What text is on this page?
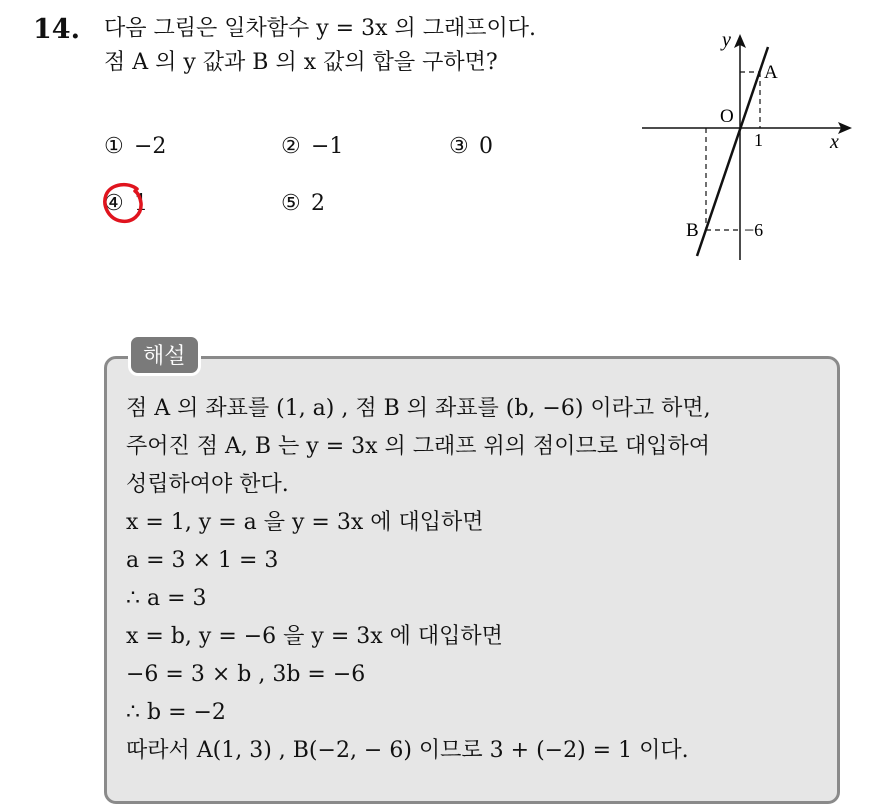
14. 다음 그림은 일차함수 y = 3x 의 그래프이다.
점 A 의 y 값과 B 의 x 값의 합을 구하면?
① −2	② −1	③ 0
④ 1	⑤ 2
y
x
O
A
B
1
−6
해설
점 A 의 좌표를 (1, a) , 점 B 의 좌표를 (b, −6) 이라고 하면,
주어진 점 A, B 는 y = 3x 의 그래프 위의 점이므로 대입하여
성립하여야 한다.
x = 1, y = a 을 y = 3x 에 대입하면
a = 3 × 1 = 3
∴ a = 3
x = b, y = −6 을 y = 3x 에 대입하면
−6 = 3 × b , 3b = −6
∴ b = −2
따라서 A(1, 3) , B(−2, − 6) 이므로 3 + (−2) = 1 이다.
